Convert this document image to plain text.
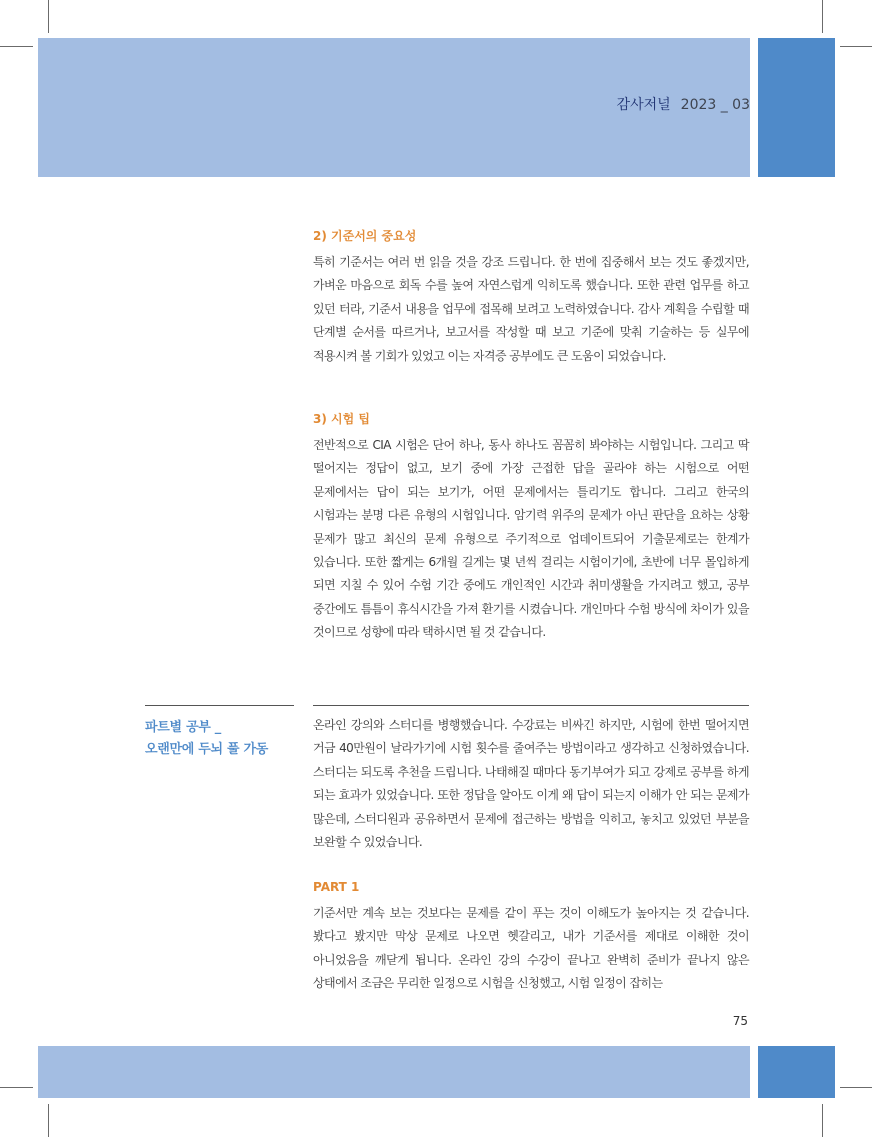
감사저널 2023 _ 03

2) 기준서의 중요성

특히 기준서는 여러 번 읽을 것을 강조 드립니다. 한 번에 집중해서 보는 것도 좋겠지만, 가벼운 마음으로 회독 수를 높여 자연스럽게 익히도록 했습니다. 또한 관련 업무를 하고 있던 터라, 기준서 내용을 업무에 접목해 보려고 노력하였습니다. 감사 계획을 수립할 때 단계별 순서를 따르거나, 보고서를 작성할 때 보고 기준에 맞춰 기술하는 등 실무에 적용시켜 볼 기회가 있었고 이는 자격증 공부에도 큰 도움이 되었습니다.

3) 시험 팁

전반적으로 CIA 시험은 단어 하나, 동사 하나도 꼼꼼히 봐야하는 시험입니다. 그리고 딱 떨어지는 정답이 없고, 보기 중에 가장 근접한 답을 골라야 하는 시험으로 어떤 문제에서는 답이 되는 보기가, 어떤 문제에서는 틀리기도 합니다. 그리고 한국의 시험과는 분명 다른 유형의 시험입니다. 암기력 위주의 문제가 아닌 판단을 요하는 상황 문제가 많고 최신의 문제 유형으로 주기적으로 업데이트되어 기출문제로는 한계가 있습니다. 또한 짧게는 6개월 길게는 몇 년씩 걸리는 시험이기에, 초반에 너무 몰입하게 되면 지칠 수 있어 수험 기간 중에도 개인적인 시간과 취미생활을 가지려고 했고, 공부 중간에도 틈틈이 휴식시간을 가져 환기를 시켰습니다. 개인마다 수험 방식에 차이가 있을 것이므로 성향에 따라 택하시면 될 것 같습니다.

파트별 공부 _
오랜만에 두뇌 풀 가동

온라인 강의와 스터디를 병행했습니다. 수강료는 비싸긴 하지만, 시험에 한번 떨어지면 거금 40만원이 날라가기에 시험 횟수를 줄여주는 방법이라고 생각하고 신청하였습니다. 스터디는 되도록 추천을 드립니다. 나태해질 때마다 동기부여가 되고 강제로 공부를 하게 되는 효과가 있었습니다. 또한 정답을 알아도 이게 왜 답이 되는지 이해가 안 되는 문제가 많은데, 스터디원과 공유하면서 문제에 접근하는 방법을 익히고, 놓치고 있었던 부분을 보완할 수 있었습니다.

PART 1

기준서만 계속 보는 것보다는 문제를 같이 푸는 것이 이해도가 높아지는 것 같습니다. 봤다고 봤지만 막상 문제로 나오면 헷갈리고, 내가 기준서를 제대로 이해한 것이 아니었음을 깨닫게 됩니다. 온라인 강의 수강이 끝나고 완벽히 준비가 끝나지 않은 상태에서 조금은 무리한 일정으로 시험을 신청했고, 시험 일정이 잡히는

75
